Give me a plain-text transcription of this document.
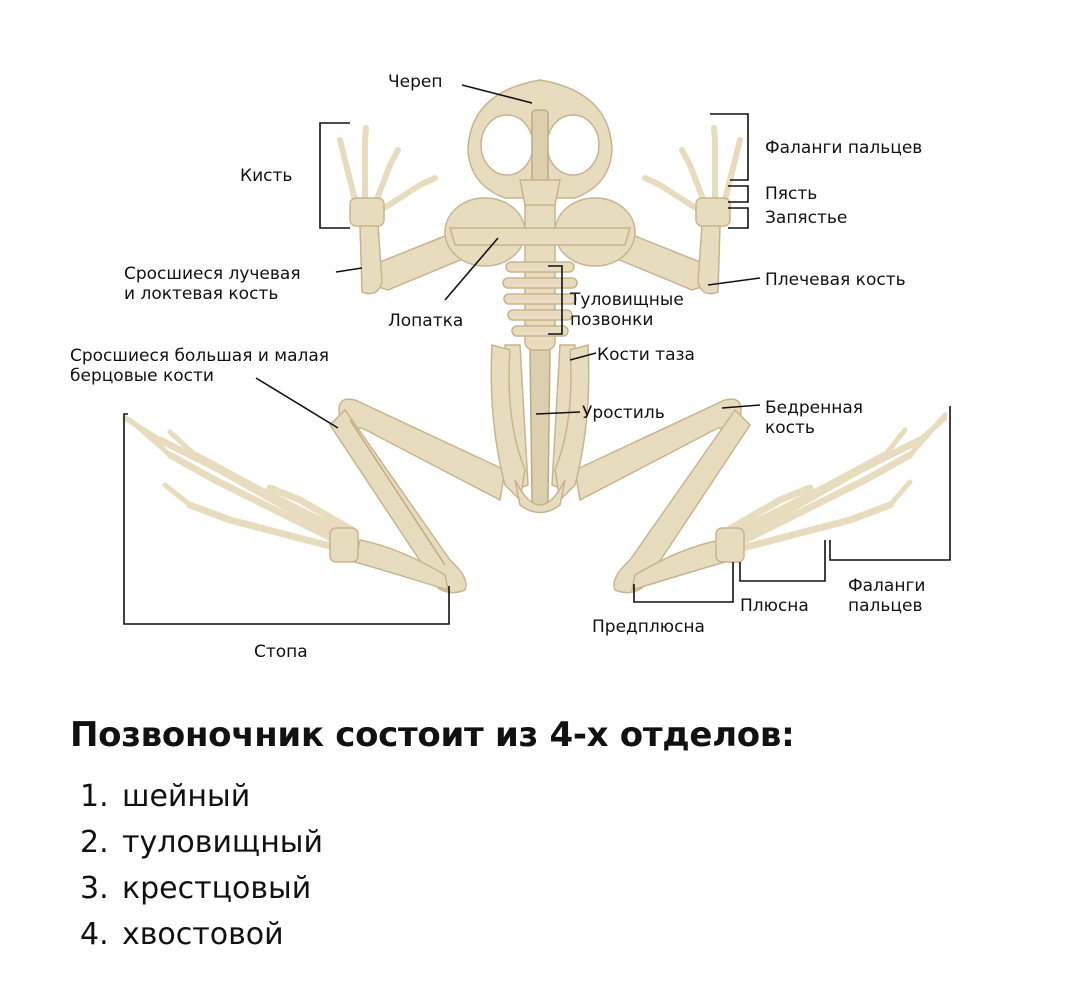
Череп
Кисть
Фаланги пальцев
Пясть
Запястье
Сросшиеся лучевая
и локтевая кость
Плечевая кость
Лопатка
Туловищные
позвонки
Сросшиеся большая и малая
берцовые кости
Кости таза
Уростиль	Бедренная
кость
Стопа
Предплюсна
Плюсна
Фаланги
пальцев
Позвоночник состоит из 4-х отделов:
1. шейный
2. туловищный
3. крестцовый
4. хвостовой
